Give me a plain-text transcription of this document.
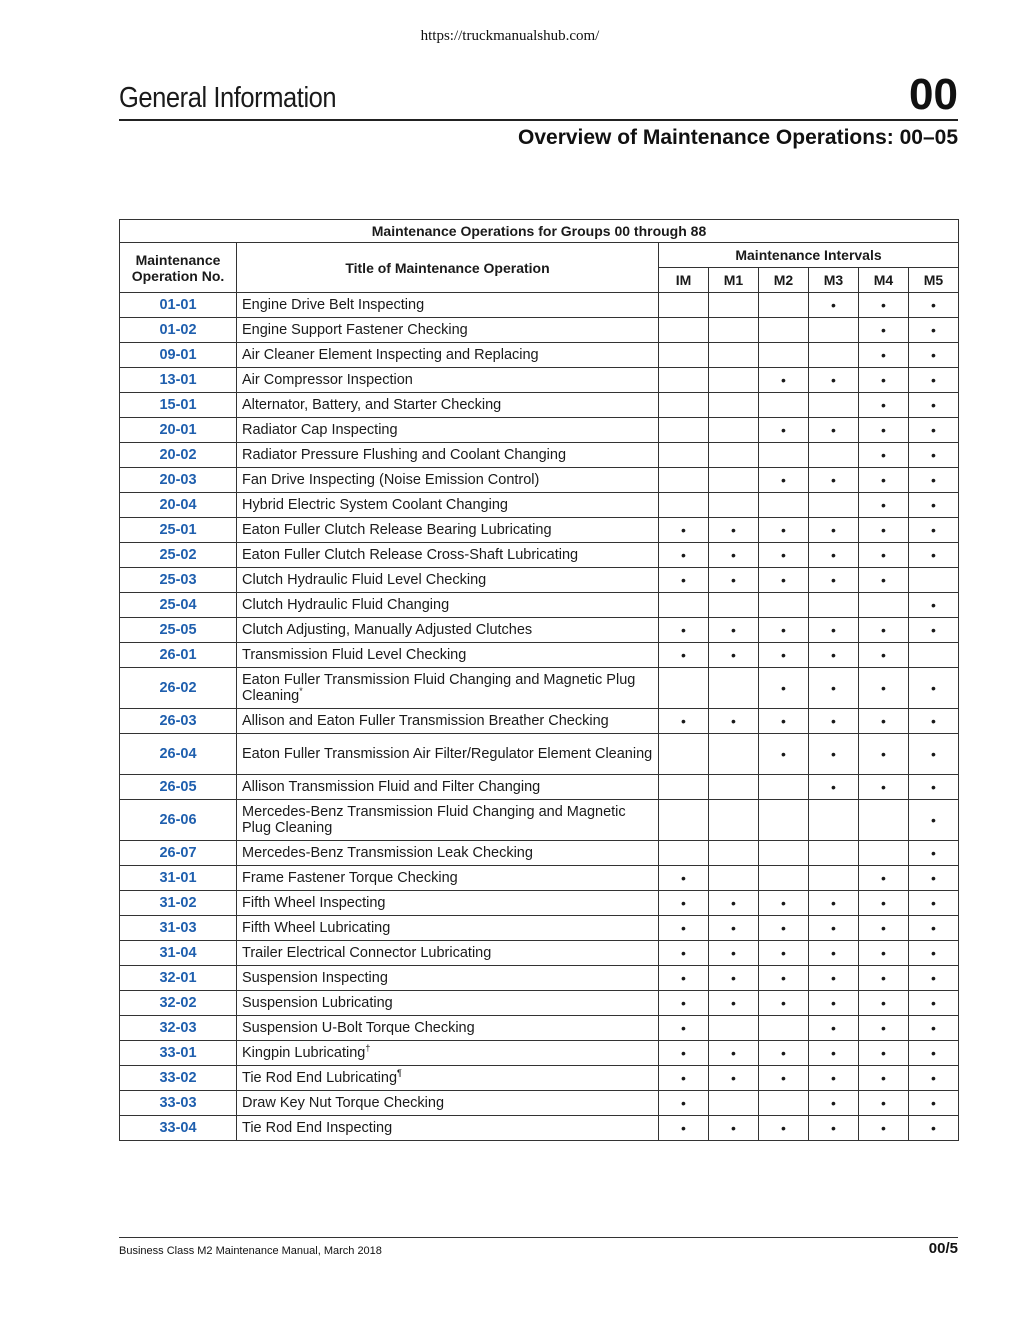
https://truckmanualshub.com/
General Information	00
Overview of Maintenance Operations: 00–05
Maintenance Operations for Groups 00 through 88							
Maintenance Operation No.	Title of Maintenance Operation	Maintenance Intervals					
		IM	M1	M2	M3	M4	M5
01-01	Engine Drive Belt Inspecting				•	•	•
01-02	Engine Support Fastener Checking					•	•
09-01	Air Cleaner Element Inspecting and Replacing					•	•
13-01	Air Compressor Inspection			•	•	•	•
15-01	Alternator, Battery, and Starter Checking					•	•
20-01	Radiator Cap Inspecting			•	•	•	•
20-02	Radiator Pressure Flushing and Coolant Changing					•	•
20-03	Fan Drive Inspecting (Noise Emission Control)			•	•	•	•
20-04	Hybrid Electric System Coolant Changing					•	•
25-01	Eaton Fuller Clutch Release Bearing Lubricating	•	•	•	•	•	•
25-02	Eaton Fuller Clutch Release Cross-Shaft Lubricating	•	•	•	•	•	•
25-03	Clutch Hydraulic Fluid Level Checking	•	•	•	•	•	
25-04	Clutch Hydraulic Fluid Changing						•
25-05	Clutch Adjusting, Manually Adjusted Clutches	•	•	•	•	•	•
26-01	Transmission Fluid Level Checking	•	•	•	•	•	
26-02	Eaton Fuller Transmission Fluid Changing and Magnetic Plug Cleaning*			•	•	•	•
26-03	Allison and Eaton Fuller Transmission Breather Checking	•	•	•	•	•	•
26-04	Eaton Fuller Transmission Air Filter/Regulator Element Cleaning			•	•	•	•
26-05	Allison Transmission Fluid and Filter Changing				•	•	•
26-06	Mercedes-Benz Transmission Fluid Changing and Magnetic Plug Cleaning						•
26-07	Mercedes-Benz Transmission Leak Checking						•
31-01	Frame Fastener Torque Checking	•				•	•
31-02	Fifth Wheel Inspecting	•	•	•	•	•	•
31-03	Fifth Wheel Lubricating	•	•	•	•	•	•
31-04	Trailer Electrical Connector Lubricating	•	•	•	•	•	•
32-01	Suspension Inspecting	•	•	•	•	•	•
32-02	Suspension Lubricating	•	•	•	•	•	•
32-03	Suspension U-Bolt Torque Checking	•			•	•	•
33-01	Kingpin Lubricating†	•	•	•	•	•	•
33-02	Tie Rod End Lubricating¶	•	•	•	•	•	•
33-03	Draw Key Nut Torque Checking	•			•	•	•
33-04	Tie Rod End Inspecting	•	•	•	•	•	•
Business Class M2 Maintenance Manual, March 2018	00/5
